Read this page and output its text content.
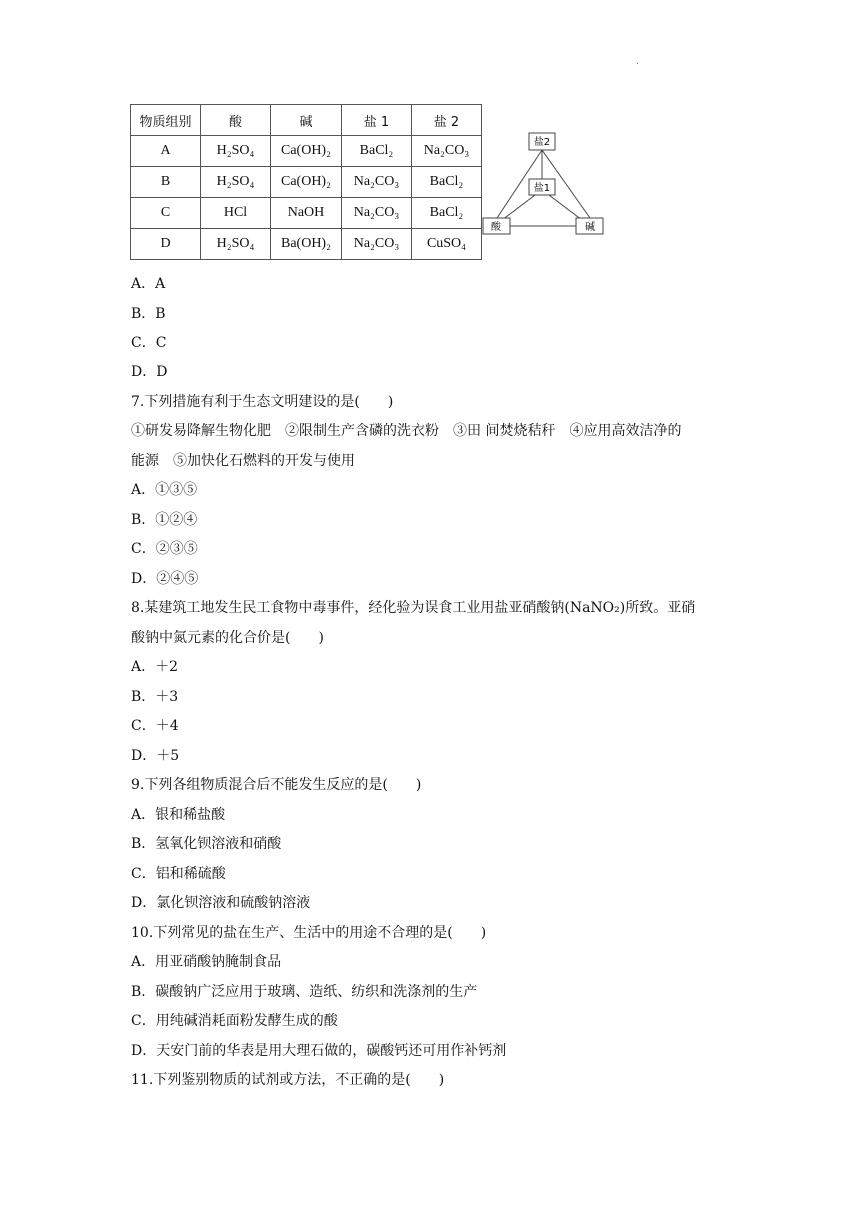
.
物质组别	酸	碱	盐 1	盐 2
A	H₂SO₄	Ca(OH)₂	BaCl₂	Na₂CO₃
B	H₂SO₄	Ca(OH)₂	Na₂CO₃	BaCl₂
C	HCl	NaOH	Na₂CO₃	BaCl₂
D	H₂SO₄	Ba(OH)₂	Na₂CO₃	CuSO₄
盐2
盐1
酸	碱
A．A
B．B
C．C
D．D
7.下列措施有利于生态文明建设的是(　　)
①研发易降解生物化肥　②限制生产含磷的洗衣粉　③田 间焚烧秸秆　④应用高效洁净的
能源　⑤加快化石燃料的开发与使用
A．①③⑤
B．①②④
C．②③⑤
D．②④⑤
8.某建筑工地发生民工食物中毒事件，经化验为误食工业用盐亚硝酸钠(NaNO₂)所致。亚硝
酸钠中氮元素的化合价是(　　)
A．＋2
B．＋3
C．＋4
D．＋5
9.下列各组物质混合后不能发生反应的是(　　)
A．银和稀盐酸
B．氢氧化钡溶液和硝酸
C．铝和稀硫酸
D．氯化钡溶液和硫酸钠溶液
10.下列常见的盐在生产、生活中的用途不合理的是(　　)
A．用亚硝酸钠腌制食品
B．碳酸钠广泛应用于玻璃、造纸、纺织和洗涤剂的生产
C．用纯碱消耗面粉发酵生成的酸
D．天安门前的华表是用大理石做的，碳酸钙还可用作补钙剂
11.下列鉴别物质的试剂或方法，不正确的是(　　)
